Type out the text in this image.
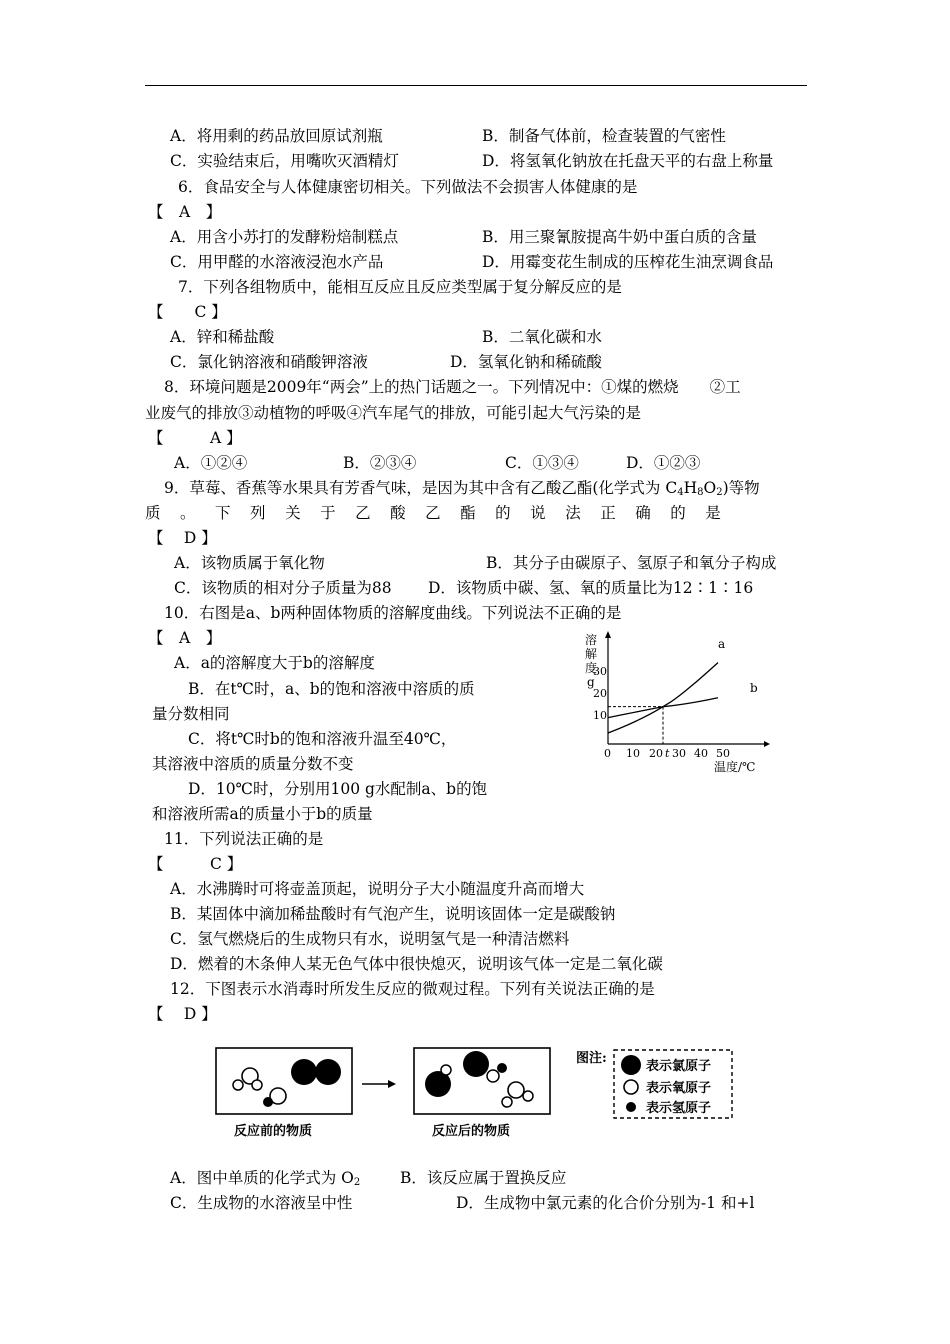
A．将用剩的药品放回原试剂瓶	B．制备气体前，检查装置的气密性
C．实验结束后，用嘴吹灭酒精灯	D．将氢氧化钠放在托盘天平的右盘上称量
6．食品安全与人体健康密切相关。下列做法不会损害人体健康的是
【　A　】
A．用含小苏打的发酵粉焙制糕点	B．用三聚氰胺提高牛奶中蛋白质的含量
C．用甲醛的水溶液浸泡水产品	D．用霉变花生制成的压榨花生油烹调食品
7．下列各组物质中，能相互反应且反应类型属于复分解反应的是
【　　C 】
A．锌和稀盐酸	B．二氧化碳和水
C．氯化钠溶液和硝酸钾溶液	D．氢氧化钠和稀硫酸
8．环境问题是2009年“两会”上的热门话题之一。下列情况中：①煤的燃烧　　②工
业废气的排放③动植物的呼吸④汽车尾气的排放，可能引起大气污染的是
【　　　A 】
A．①②④	B．②③④	C．①③④	D．①②③
9．草莓、香蕉等水果具有芳香气味，是因为其中含有乙酸乙酯(化学式为 $C_4H_8O_2$)等物
质 。 下 列 关 于 乙 酸 乙 酯 的 说 法 正 确 的 是
【　 D 】
A．该物质属于氧化物	B．其分子由碳原子、氢原子和氧分子构成
C．该物质的相对分子质量为88 D．该物质中碳、氢、氧的质量比为12∶1∶16
10．右图是a、b两种固体物质的溶解度曲线。下列说法不正确的是
【　A　】
A．a的溶解度大于b的溶解度
B．在t℃时，a、b的饱和溶液中溶质的质
量分数相同
C．将t℃时b的饱和溶液升温至40℃，
其溶液中溶质的质量分数不变
D．10℃时，分别用100 g水配制a、b的饱
和溶液所需a的质量小于b的质量
溶
解
度
g
10
20
30
0 10 20 t 30 40 50
温度/℃
a
b
11．下列说法正确的是
【　　　C 】
A．水沸腾时可将壶盖顶起，说明分子大小随温度升高而增大
B．某固体中滴加稀盐酸时有气泡产生，说明该固体一定是碳酸钠
C．氢气燃烧后的生成物只有水，说明氢气是一种清洁燃料
D．燃着的木条伸人某无色气体中很快熄灭，说明该气体一定是二氧化碳
12．下图表示水消毒时所发生反应的微观过程。下列有关说法正确的是
【　 D 】
反应前的物质	反应后的物质
图注:
表示氯原子
表示氧原子
表示氢原子
A．图中单质的化学式为 $O_2$	B．该反应属于置换反应
C．生成物的水溶液呈中性	D．生成物中氯元素的化合价分别为-1 和+l
